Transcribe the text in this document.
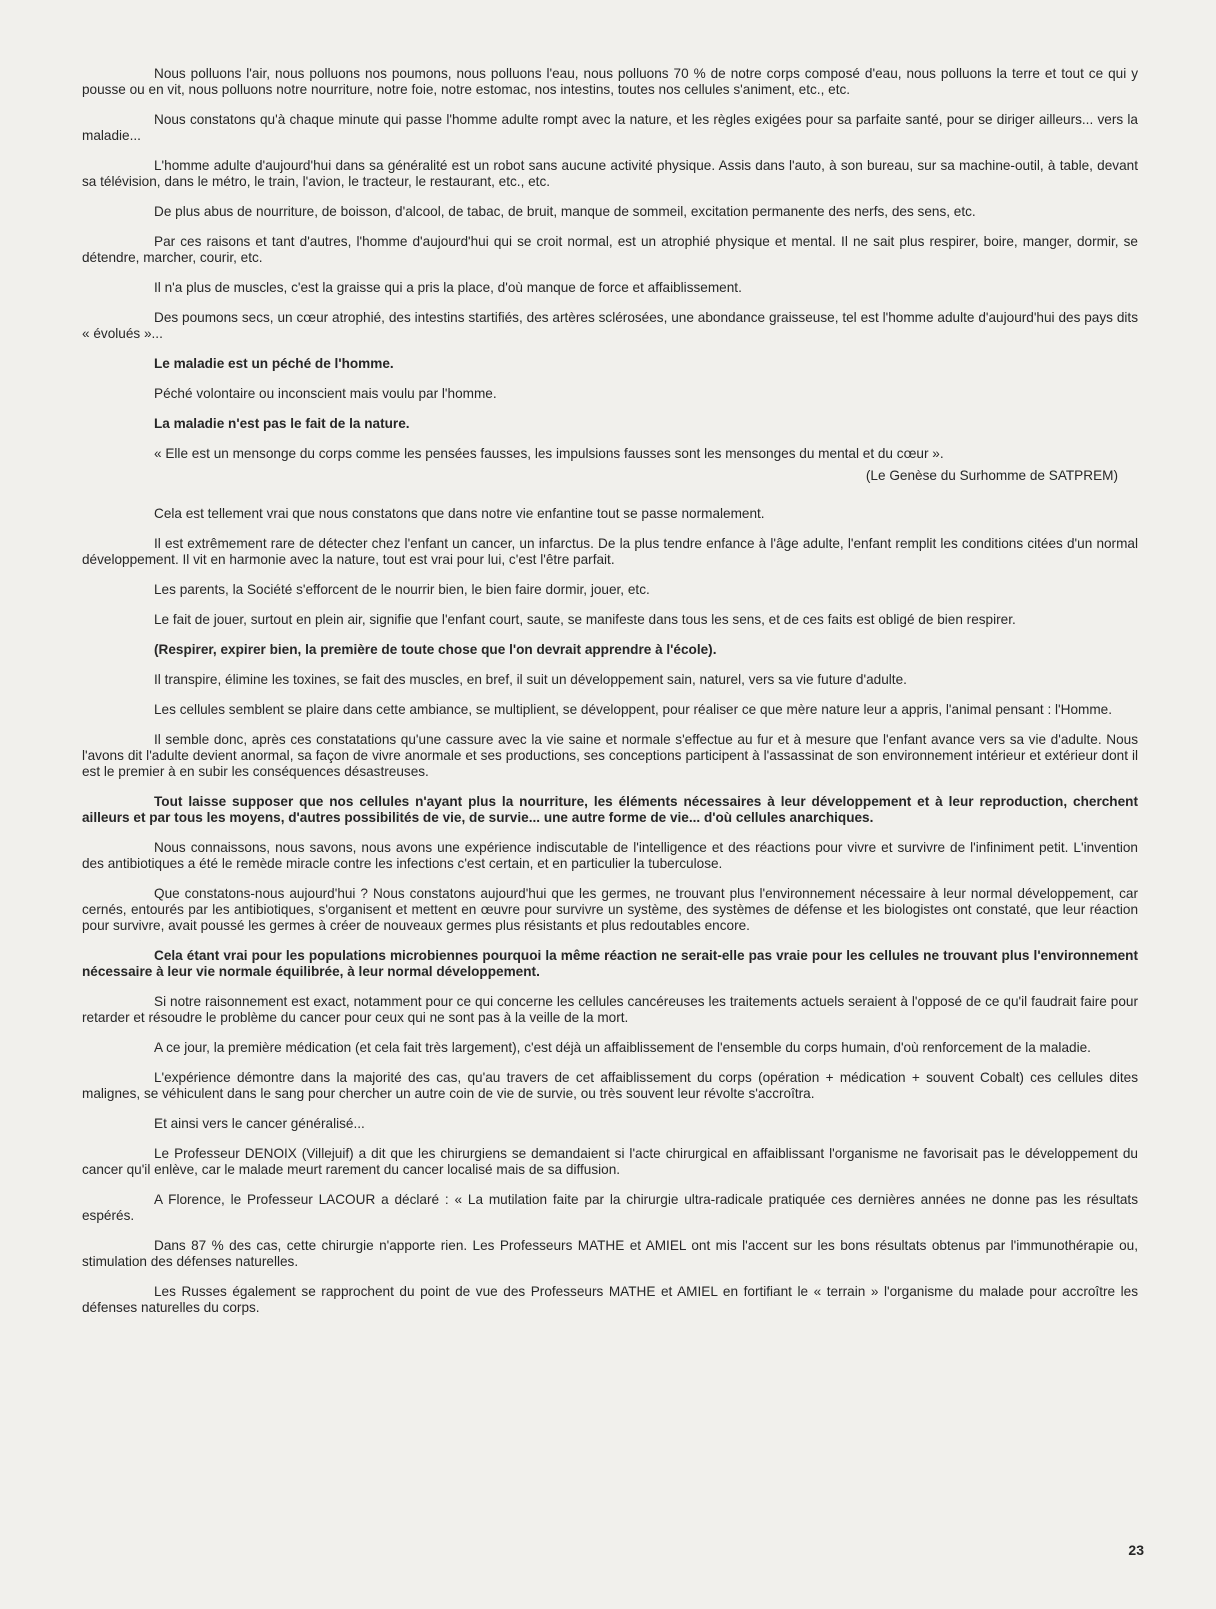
Nous polluons l'air, nous polluons nos poumons, nous polluons l'eau, nous polluons 70 % de notre corps composé d'eau, nous polluons la terre et tout ce qui y pousse ou en vit, nous polluons notre nourriture, notre foie, notre estomac, nos intestins, toutes nos cellules s'animent, etc., etc.

Nous constatons qu'à chaque minute qui passe l'homme adulte rompt avec la nature, et les règles exigées pour sa parfaite santé, pour se diriger ailleurs... vers la maladie...

L'homme adulte d'aujourd'hui dans sa généralité est un robot sans aucune activité physique. Assis dans l'auto, à son bureau, sur sa machine-outil, à table, devant sa télévision, dans le métro, le train, l'avion, le tracteur, le restaurant, etc., etc.

De plus abus de nourriture, de boisson, d'alcool, de tabac, de bruit, manque de sommeil, excitation permanente des nerfs, des sens, etc.

Par ces raisons et tant d'autres, l'homme d'aujourd'hui qui se croit normal, est un atrophié physique et mental. Il ne sait plus respirer, boire, manger, dormir, se détendre, marcher, courir, etc.

Il n'a plus de muscles, c'est la graisse qui a pris la place, d'où manque de force et affaiblissement.

Des poumons secs, un cœur atrophié, des intestins startifiés, des artères sclérosées, une abondance graisseuse, tel est l'homme adulte d'aujourd'hui des pays dits « évolués »...

Le maladie est un péché de l'homme.

Péché volontaire ou inconscient mais voulu par l'homme.

La maladie n'est pas le fait de la nature.

« Elle est un mensonge du corps comme les pensées fausses, les impulsions fausses sont les mensonges du mental et du cœur ».

(Le Genèse du Surhomme de SATPREM)

Cela est tellement vrai que nous constatons que dans notre vie enfantine tout se passe normalement.

Il est extrêmement rare de détecter chez l'enfant un cancer, un infarctus. De la plus tendre enfance à l'âge adulte, l'enfant remplit les conditions citées d'un normal développement. Il vit en harmonie avec la nature, tout est vrai pour lui, c'est l'être parfait.

Les parents, la Société s'efforcent de le nourrir bien, le bien faire dormir, jouer, etc.

Le fait de jouer, surtout en plein air, signifie que l'enfant court, saute, se manifeste dans tous les sens, et de ces faits est obligé de bien respirer.

(Respirer, expirer bien, la première de toute chose que l'on devrait apprendre à l'école).

Il transpire, élimine les toxines, se fait des muscles, en bref, il suit un développement sain, naturel, vers sa vie future d'adulte.

Les cellules semblent se plaire dans cette ambiance, se multiplient, se développent, pour réaliser ce que mère nature leur a appris, l'animal pensant : l'Homme.

Il semble donc, après ces constatations qu'une cassure avec la vie saine et normale s'effectue au fur et à mesure que l'enfant avance vers sa vie d'adulte. Nous l'avons dit l'adulte devient anormal, sa façon de vivre anormale et ses productions, ses conceptions participent à l'assassinat de son environnement intérieur et extérieur dont il est le premier à en subir les conséquences désastreuses.

Tout laisse supposer que nos cellules n'ayant plus la nourriture, les éléments nécessaires à leur développement et à leur reproduction, cherchent ailleurs et par tous les moyens, d'autres possibilités de vie, de survie... une autre forme de vie... d'où cellules anarchiques.

Nous connaissons, nous savons, nous avons une expérience indiscutable de l'intelligence et des réactions pour vivre et survivre de l'infiniment petit. L'invention des antibiotiques a été le remède miracle contre les infections c'est certain, et en particulier la tuberculose.

Que constatons-nous aujourd'hui ? Nous constatons aujourd'hui que les germes, ne trouvant plus l'environnement nécessaire à leur normal développement, car cernés, entourés par les antibiotiques, s'organisent et mettent en œuvre pour survivre un système, des systèmes de défense et les biologistes ont constaté, que leur réaction pour survivre, avait poussé les germes à créer de nouveaux germes plus résistants et plus redoutables encore.

Cela étant vrai pour les populations microbiennes pourquoi la même réaction ne serait-elle pas vraie pour les cellules ne trouvant plus l'environnement nécessaire à leur vie normale équilibrée, à leur normal développement.

Si notre raisonnement est exact, notamment pour ce qui concerne les cellules cancéreuses les traitements actuels seraient à l'opposé de ce qu'il faudrait faire pour retarder et résoudre le problème du cancer pour ceux qui ne sont pas à la veille de la mort.

A ce jour, la première médication (et cela fait très largement), c'est déjà un affaiblissement de l'ensemble du corps humain, d'où renforcement de la maladie.

L'expérience démontre dans la majorité des cas, qu'au travers de cet affaiblissement du corps (opération + médication + souvent Cobalt) ces cellules dites malignes, se véhiculent dans le sang pour chercher un autre coin de vie de survie, ou très souvent leur révolte s'accroîtra.

Et ainsi vers le cancer généralisé...

Le Professeur DENOIX (Villejuif) a dit que les chirurgiens se demandaient si l'acte chirurgical en affaiblissant l'organisme ne favorisait pas le développement du cancer qu'il enlève, car le malade meurt rarement du cancer localisé mais de sa diffusion.

A Florence, le Professeur LACOUR a déclaré : « La mutilation faite par la chirurgie ultra-radicale pratiquée ces dernières années ne donne pas les résultats espérés.

Dans 87 % des cas, cette chirurgie n'apporte rien. Les Professeurs MATHE et AMIEL ont mis l'accent sur les bons résultats obtenus par l'immunothérapie ou, stimulation des défenses naturelles.

Les Russes également se rapprochent du point de vue des Professeurs MATHE et AMIEL en fortifiant le « terrain » l'organisme du malade pour accroître les défenses naturelles du corps.

23
